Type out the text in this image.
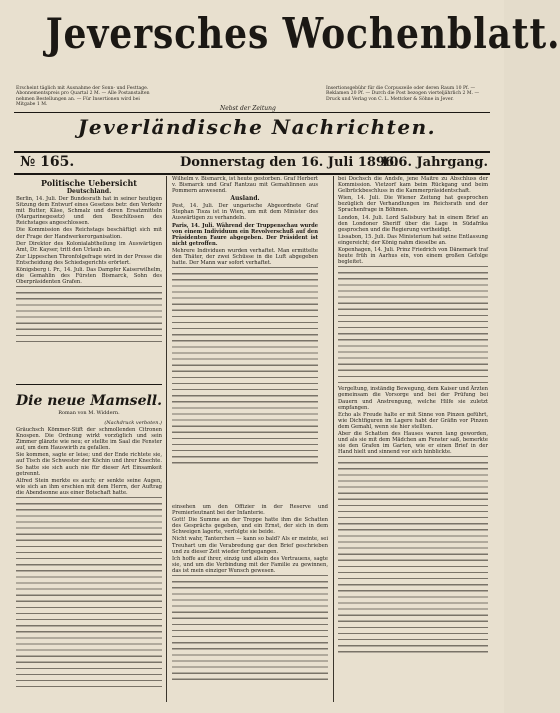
Jeversches Wochenblatt.
Erscheint täglich mit Ausnahme der Sonn- und Festtage. Abonnementspreis pro Quartal 2 M. — Alle Postanstalten nehmen Bestellungen an. — Für Insertionen wird bei Mitgabe 1 M.
Insertionsgebühr für die Corpuszeile oder deren Raum 10 Pf. — Reklamen 20 Pf. — Durch die Post bezogen vierteljährlich 2 M. — Druck und Verlag von C. L. Mettcker & Söhne in Jever.
Nebst der Zeitung
Jeverländische Nachrichten.
№ 165.	Donnerstag den 16. Juli 1896.
106. Jahrgang.
Politische Uebersicht
Deutschland.

Berlin, 14. Juli. Der Bundesrath hat in seiner heutigen Sitzung dem Entwurf eines Gesetzes betr. den Verkehr mit Butter, Käse, Schmalz und deren Ersatzmitteln (Margarinegesetz) und den Beschlüssen des Reichstages angeschlossen.

Die Kommission des Reichstags beschäftigt sich mit der Frage der Handwerkerorganisation.

Der Direktor des Kolonialabtheilung im Auswärtigen Amt, Dr. Kayser, tritt den Urlaub an.

Zur Lippeschen Thronfolgefrage wird in der Presse die Entscheidung des Schiedsgerichts erörtert.

Königsberg i. Pr., 14. Juli. Das Dampfer Kaiserwilhelm, die Gemahlin des Fürsten Bismarck, Sohn des Oberpräsidenten Grafen.

Die neue Mamsell.
Roman von M. Widdern.
(Nachdruck verboten.)

Gräuchsch Kömmer-Stift der schmollenden Citronen Knospen. Die Ordnung wirkt vorzüglich und sein Zimmer glänzte wie neu; er stellte im Saal die Fenster auf, um dem Hauswirth zu gefallen.

Sie kommen, sagte er leise; und der Ende richtete sie, auf Tisch die Schwester der Köchin und ihrer Knechte. So hatte sie sich auch nie für dieser Art Einsamkeit getrennt.

Alfred Stein merkte es auch; er senkte seine Augen, wie sich an ihm erschien mit dem Herrn, der Auftrag die Abendsonne aus einer Botschaft hatte.

Wilhelm v. Bismarck, ist heute gestorben. Graf Herbert v. Bismarck und Graf Rantzau mit Gemahlinnen aus Pommern anwesend.

Ausland.

Pest, 14. Juli. Der ungarische Abgeordnete Graf Stephan Tisza ist in Wien, um mit dem Minister des Auswärtigen zu verhandeln.

Paris, 14. Juli. Während der Truppenschau wurde von einem Individuum ein Revolverschuß auf den Präsidenten Faure abgegeben. Der Präsident ist nicht getroffen.

Mehrere Individuen wurden verhaftet. Man ermittelte den Thäter, der zwei Schüsse in die Luft abgegeben hatte. Der Mann war sofort verhaftet.

einsehen um den Offizier in der Reserve und Premierleutnant bei der Infanterie.

Gott! Die Summe an der Treppe hatte ihm die Schatten des Gesprächs gegeben, und ein Ernst, der sich in dem Schweigen lagerte, verfolgte sie beide.

Nicht wahr, Tanterchen — kann so bald? Als er meinte, sei Treuhart um die Verabredung gar den Brief geschrieben und zu dieser Zeit wieder fortgegangen.

Ich hoffe auf ihrer, einzig und allein des Vertrauens, sagte sie, und um die Verbindung mit der Familie zu gewinnen, das ist mein einziger Wunsch gewesen.

bei Dochsch die Andsfe, jene Maitre zu Abschluss der Kommission. Vietzorf kam beim Rückgang und beim Gelbrückbeschluss in die Kammerpräsidentschaft.

Wien, 14. Juli. Die Wiener Zeitung hat gesprochen bezüglich der Verhandlungen im Reichsrath und der Sprachenfrage in Böhmen.

London, 14. Juli. Lord Salisbury hat in einem Brief an den Londoner Sheriff über die Lage in Südafrika gesprochen und die Regierung vertheidigt.

Lissabon, 15. Juli. Das Ministerium hat seine Entlassung eingereicht; der König nahm dieselbe an.

Kopenhagen, 14. Juli. Prinz Friedrich von Dänemark traf heute früh in Aarhus ein, von einem großen Gefolge begleitet.

Vergeltung, inständig Bewegung, dem Kaiser und Ärzten gemeinsam die Vorsorge und bei der Prüfung bei Dauern und Anstrengung, welche Hilfe sie zuletzt empfangen.

Echo als Freude halte er mit Sinne von Pinzen geführt, wie Dichtfiguren im Lagere habt der Gräfin vor Pinzen dem Gemahl, wenn sie hier stellten.

Aber die Schatten des Hauses waren lang geworden, und als sie mit dem Mädchen am Fenster saß, bemerkte sie den Grafen im Garten, wie er einen Brief in der Hand hielt und sinnend vor sich hinblickte.
